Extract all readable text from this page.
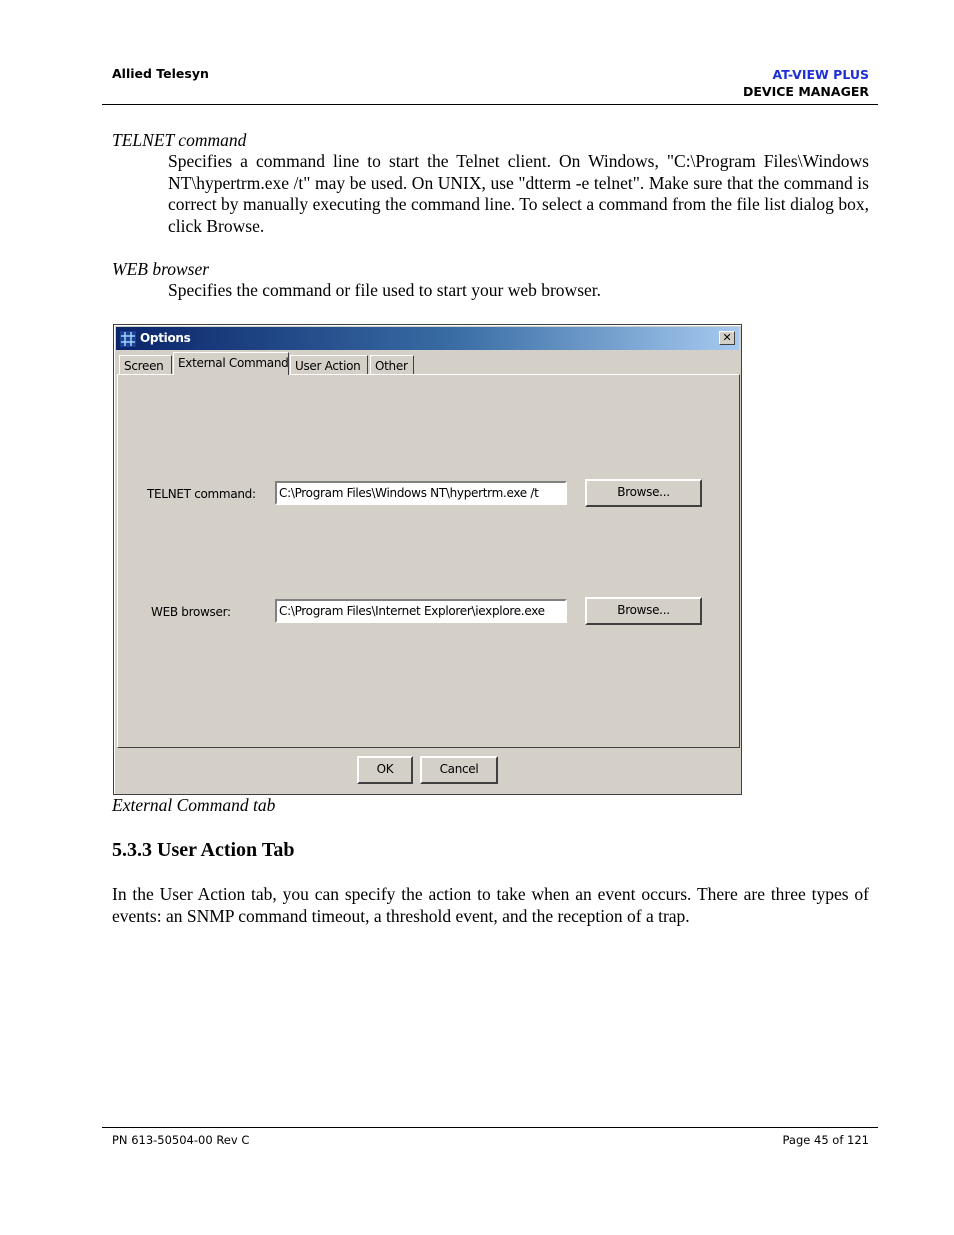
Allied Telesyn	AT-VIEW PLUS
DEVICE MANAGER
TELNET command
Specifies a command line to start the Telnet client. On Windows, "C:\Program Files\Windows NT\hypertrm.exe /t" may be used. On UNIX, use "dtterm -e telnet". Make sure that the command is correct by manually executing the command line. To select a command from the file list dialog box, click Browse.
WEB browser
Specifies the command or file used to start your web browser.
Options	✕
Screen	External Command User Action	Other
TELNET command:	C:\Program Files\Windows NT\hypertrm.exe /t	Browse...
WEB browser:	C:\Program Files\Internet Explorer\iexplore.exe	Browse...
OK	Cancel
External Command tab
5.3.3 User Action Tab
In the User Action tab, you can specify the action to take when an event occurs. There are three types of events: an SNMP command timeout, a threshold event, and the reception of a trap.
PN 613-50504-00 Rev C	Page 45 of 121
